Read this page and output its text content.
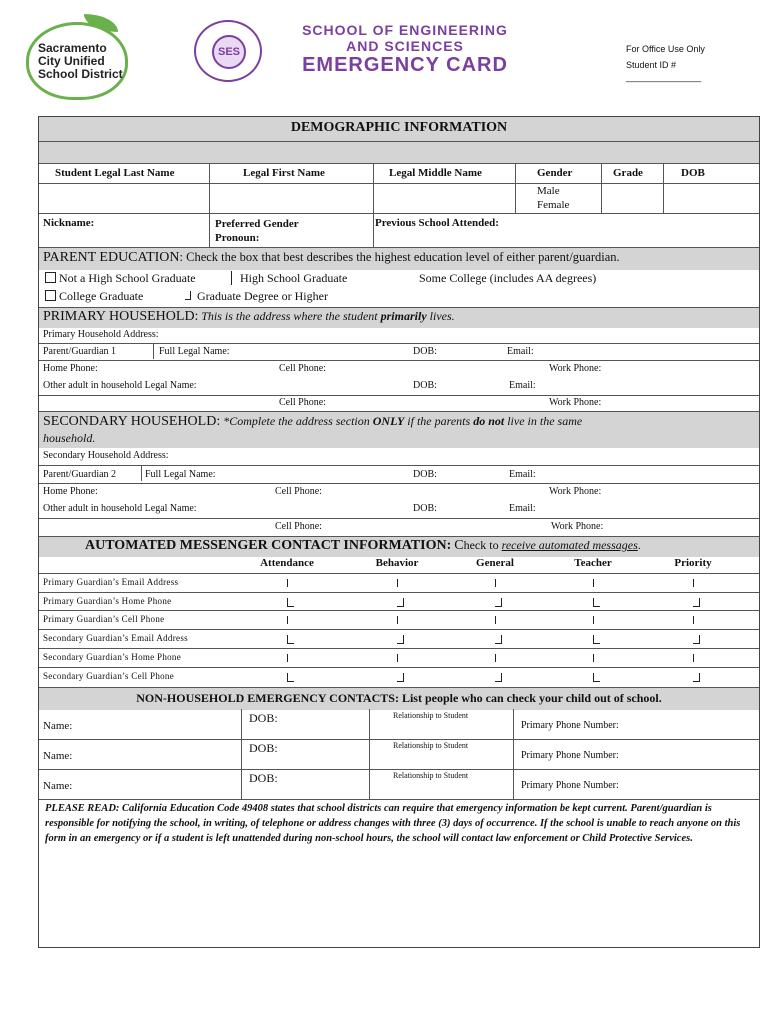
Sacramento
City Unified
School District
SES
SCHOOL OF ENGINEERING
AND SCIENCES
EMERGENCY CARD
For Office Use Only
Student ID #
_______________
DEMOGRAPHIC INFORMATION
Student Legal Last Name	Legal First Name	Legal Middle Name	Gender	Grade	DOB
Male
Female
Nickname:	Preferred Gender
Pronoun:
Previous School Attended:
PARENT EDUCATION: Check the box that best describes the highest education level of either parent/guardian.
Not a High School Graduate	High School Graduate	Some College (includes AA degrees)
College Graduate	Graduate Degree or Higher
PRIMARY HOUSEHOLD: This is the address where the student primarily lives.
Primary Household Address:
Parent/Guardian 1	Full Legal Name:	DOB:	Email:
Home Phone:	Cell Phone:	Work Phone:
Other adult in household Legal Name:	DOB:	Email:
Cell Phone:	Work Phone:
SECONDARY HOUSEHOLD: *Complete the address section ONLY if the parents do not live in the same
household.
Secondary Household Address:
Parent/Guardian 2	Full Legal Name:	DOB:	Email:
Home Phone:	Cell Phone:	Work Phone:
Other adult in household Legal Name:	DOB:	Email:
Cell Phone:	Work Phone:
AUTOMATED MESSENGER CONTACT INFORMATION: Check to receive automated messages.
Attendance	Behavior	General	Teacher	Priority
Primary Guardian’s Email Address
Primary Guardian’s Home Phone
Primary Guardian’s Cell Phone
Secondary Guardian’s Email Address
Secondary Guardian’s Home Phone
Secondary Guardian’s Cell Phone
NON-HOUSEHOLD EMERGENCY CONTACTS: List people who can check your child out of school.
Name:
DOB:	Relationship to Student
Primary Phone Number:
Name:
DOB:	Relationship to Student
Primary Phone Number:
Name:
DOB:	Relationship to Student
Primary Phone Number:
PLEASE READ: California Education Code 49408 states that school districts can require that emergency information be kept current. Parent/guardian is responsible for notifying the school, in writing, of telephone or address changes with three (3) days of occurrence. If the school is unable to reach anyone on this form in an emergency or if a student is left unattended during non-school hours, the school will contact law enforcement or Child Protective Services.
